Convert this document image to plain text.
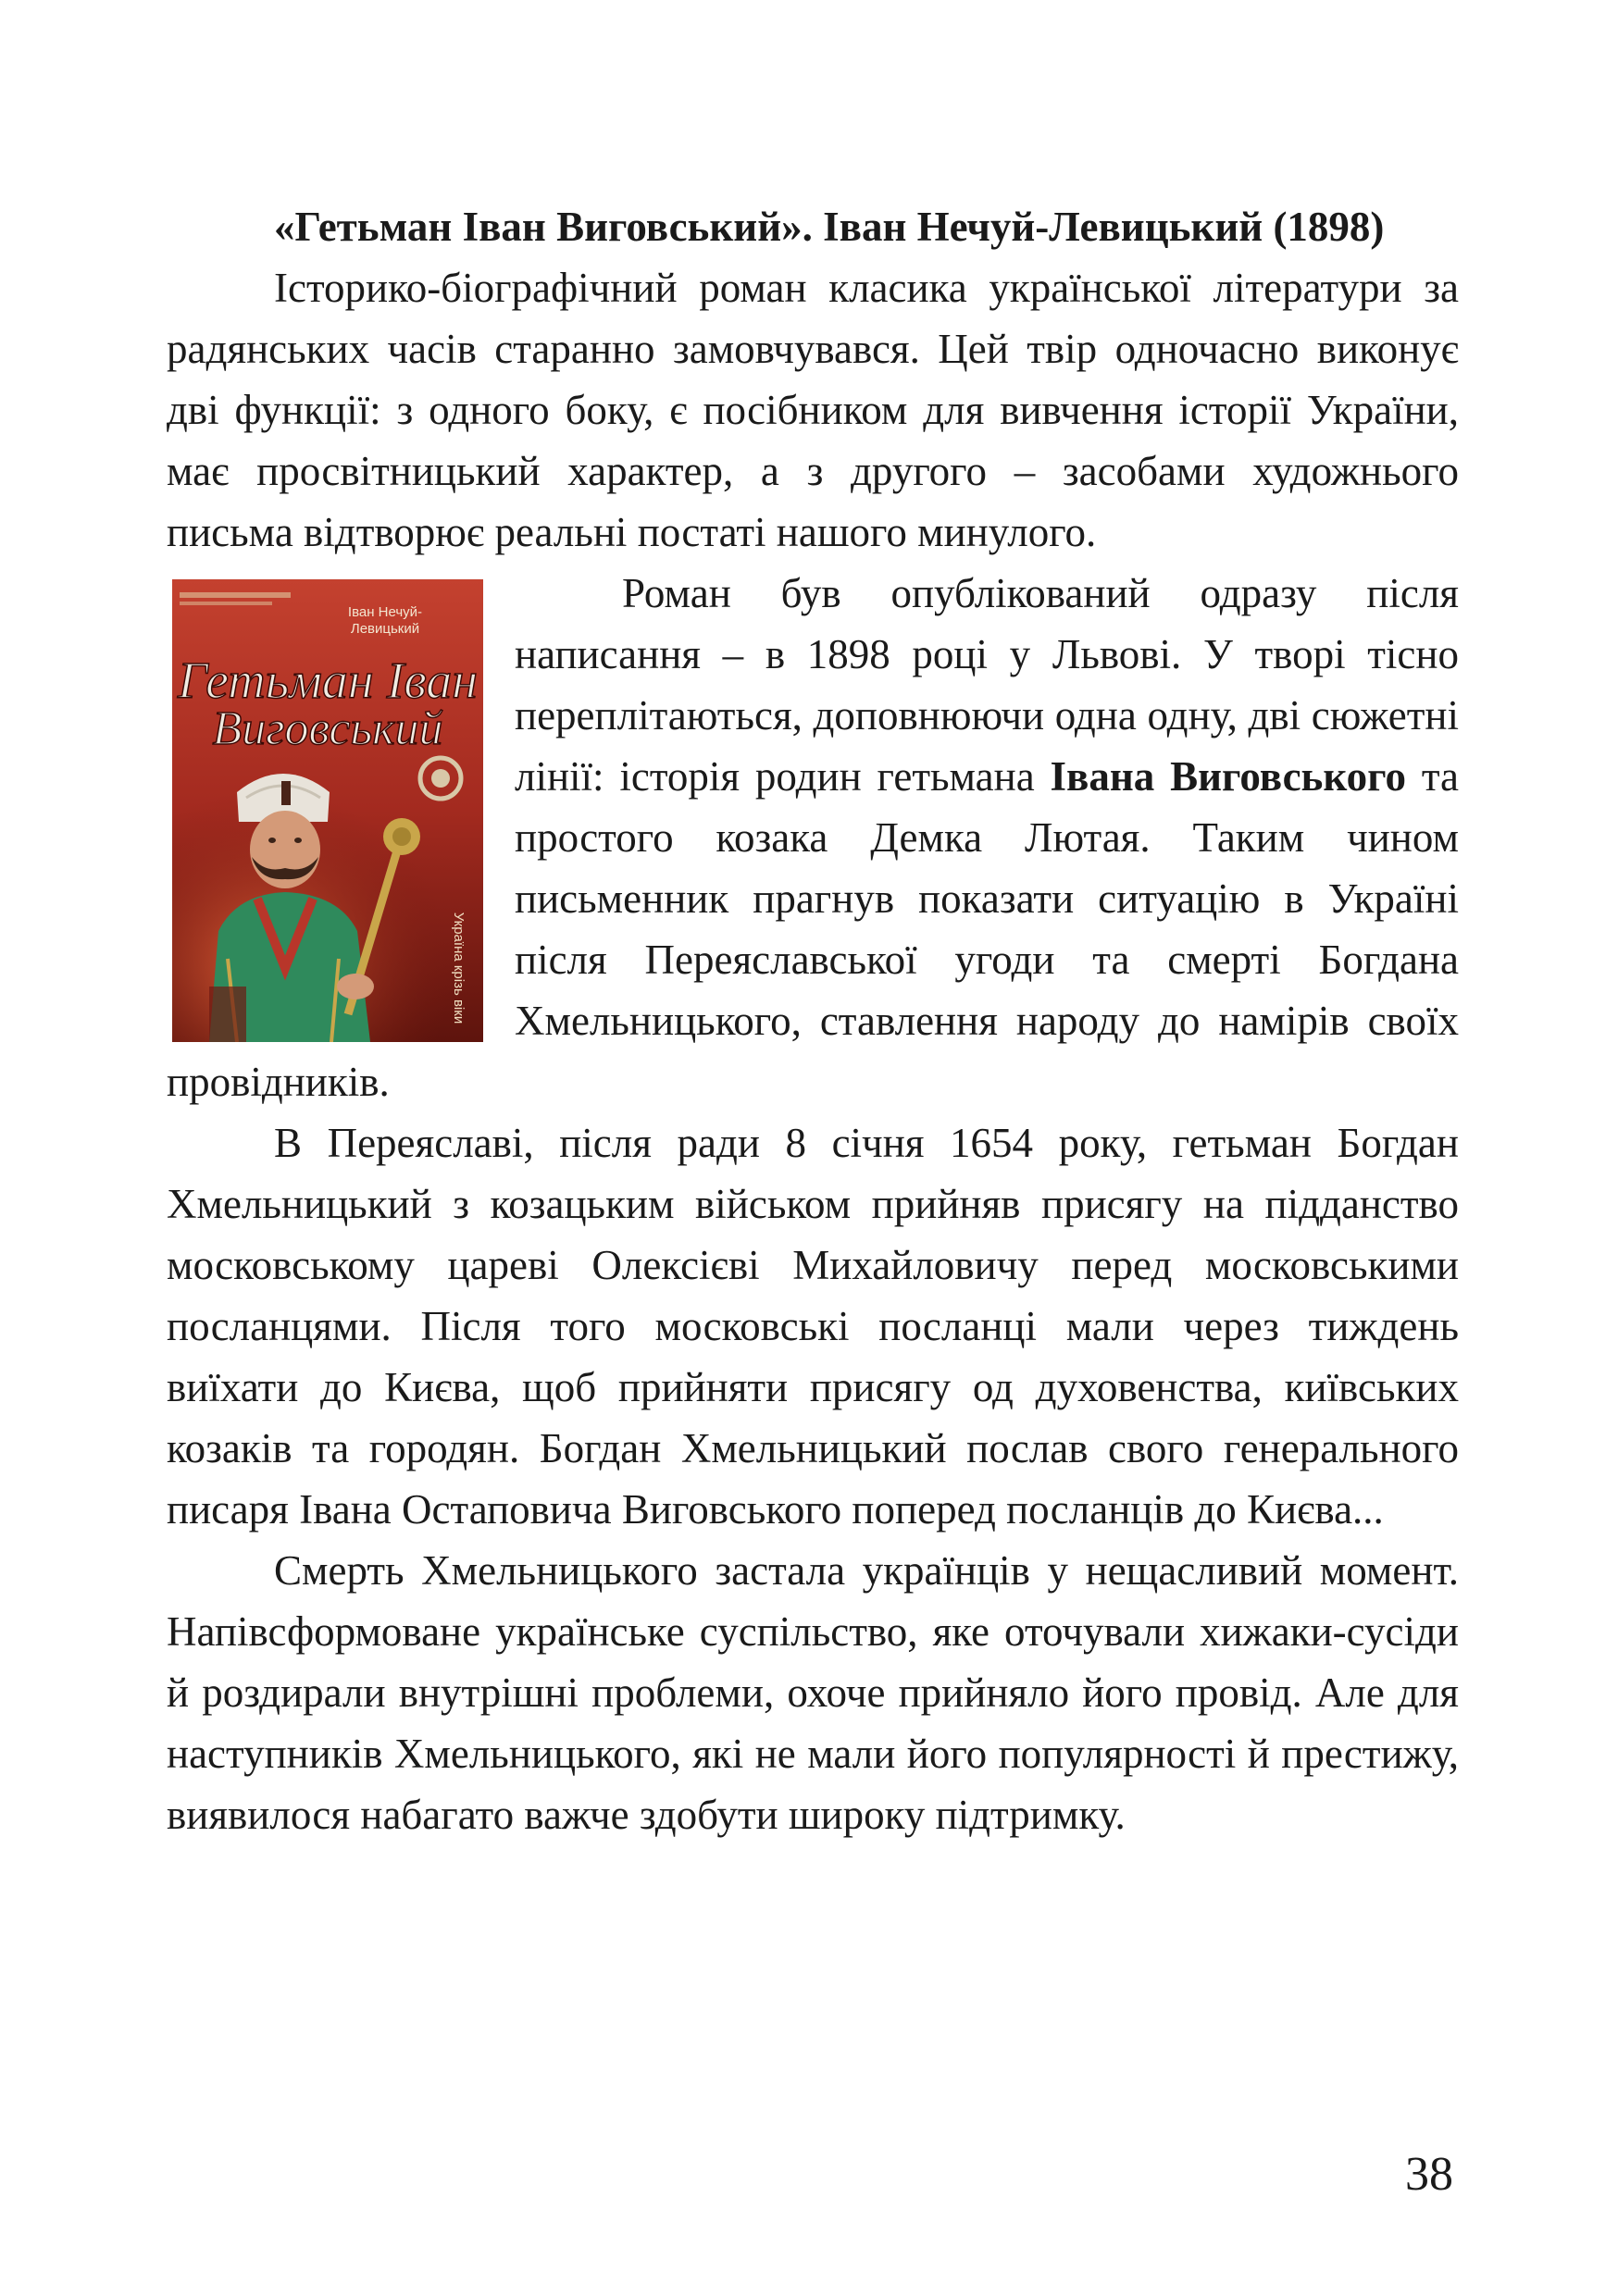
«Гетьман Іван Виговський». Іван Нечуй-Левицький (1898)

Історико-біографічний роман класика української літератури за радянських часів старанно замовчувався. Цей твір одночасно виконує дві функції: з одного боку, є посібником для вивчення історії України, має просвітницький характер, а з другого – засобами художнього письма відтворює реальні постаті нашого минулого.

Іван Нечуй-
Левицький
Гетьман Іван
Виговський
Україна крізь віки

Роман був опублікований одразу після написання – в 1898 році у Львові. У творі тісно переплітаються, доповнюючи одна одну, дві сюжетні лінії: історія родин гетьмана Івана Виговського та простого козака Демка Лютая. Таким чином письменник прагнув показати ситуацію в Україні після Переяславської угоди та смерті Богдана Хмельницького, ставлення народу до намірів своїх провідників.

В Переяславі, після ради 8 січня 1654 року, гетьман Богдан Хмельницький з козацьким військом прийняв присягу на підданство московському цареві Олексієві Михайловичу перед московськими посланцями. Після того московські посланці мали через тиждень виїхати до Києва, щоб прийняти присягу од духовенства, київських козаків та городян. Богдан Хмельницький послав свого генерального писаря Івана Остаповича Виговського поперед посланців до Києва...

Смерть Хмельницького застала українців у нещасливий момент. Напівсформоване українське суспільство, яке оточували хижаки-сусіди й роздирали внутрішні проблеми, охоче прийняло його провід. Але для наступників Хмельницького, які не мали його популярності й престижу, виявилося набагато важче здобути широку підтримку.

38
